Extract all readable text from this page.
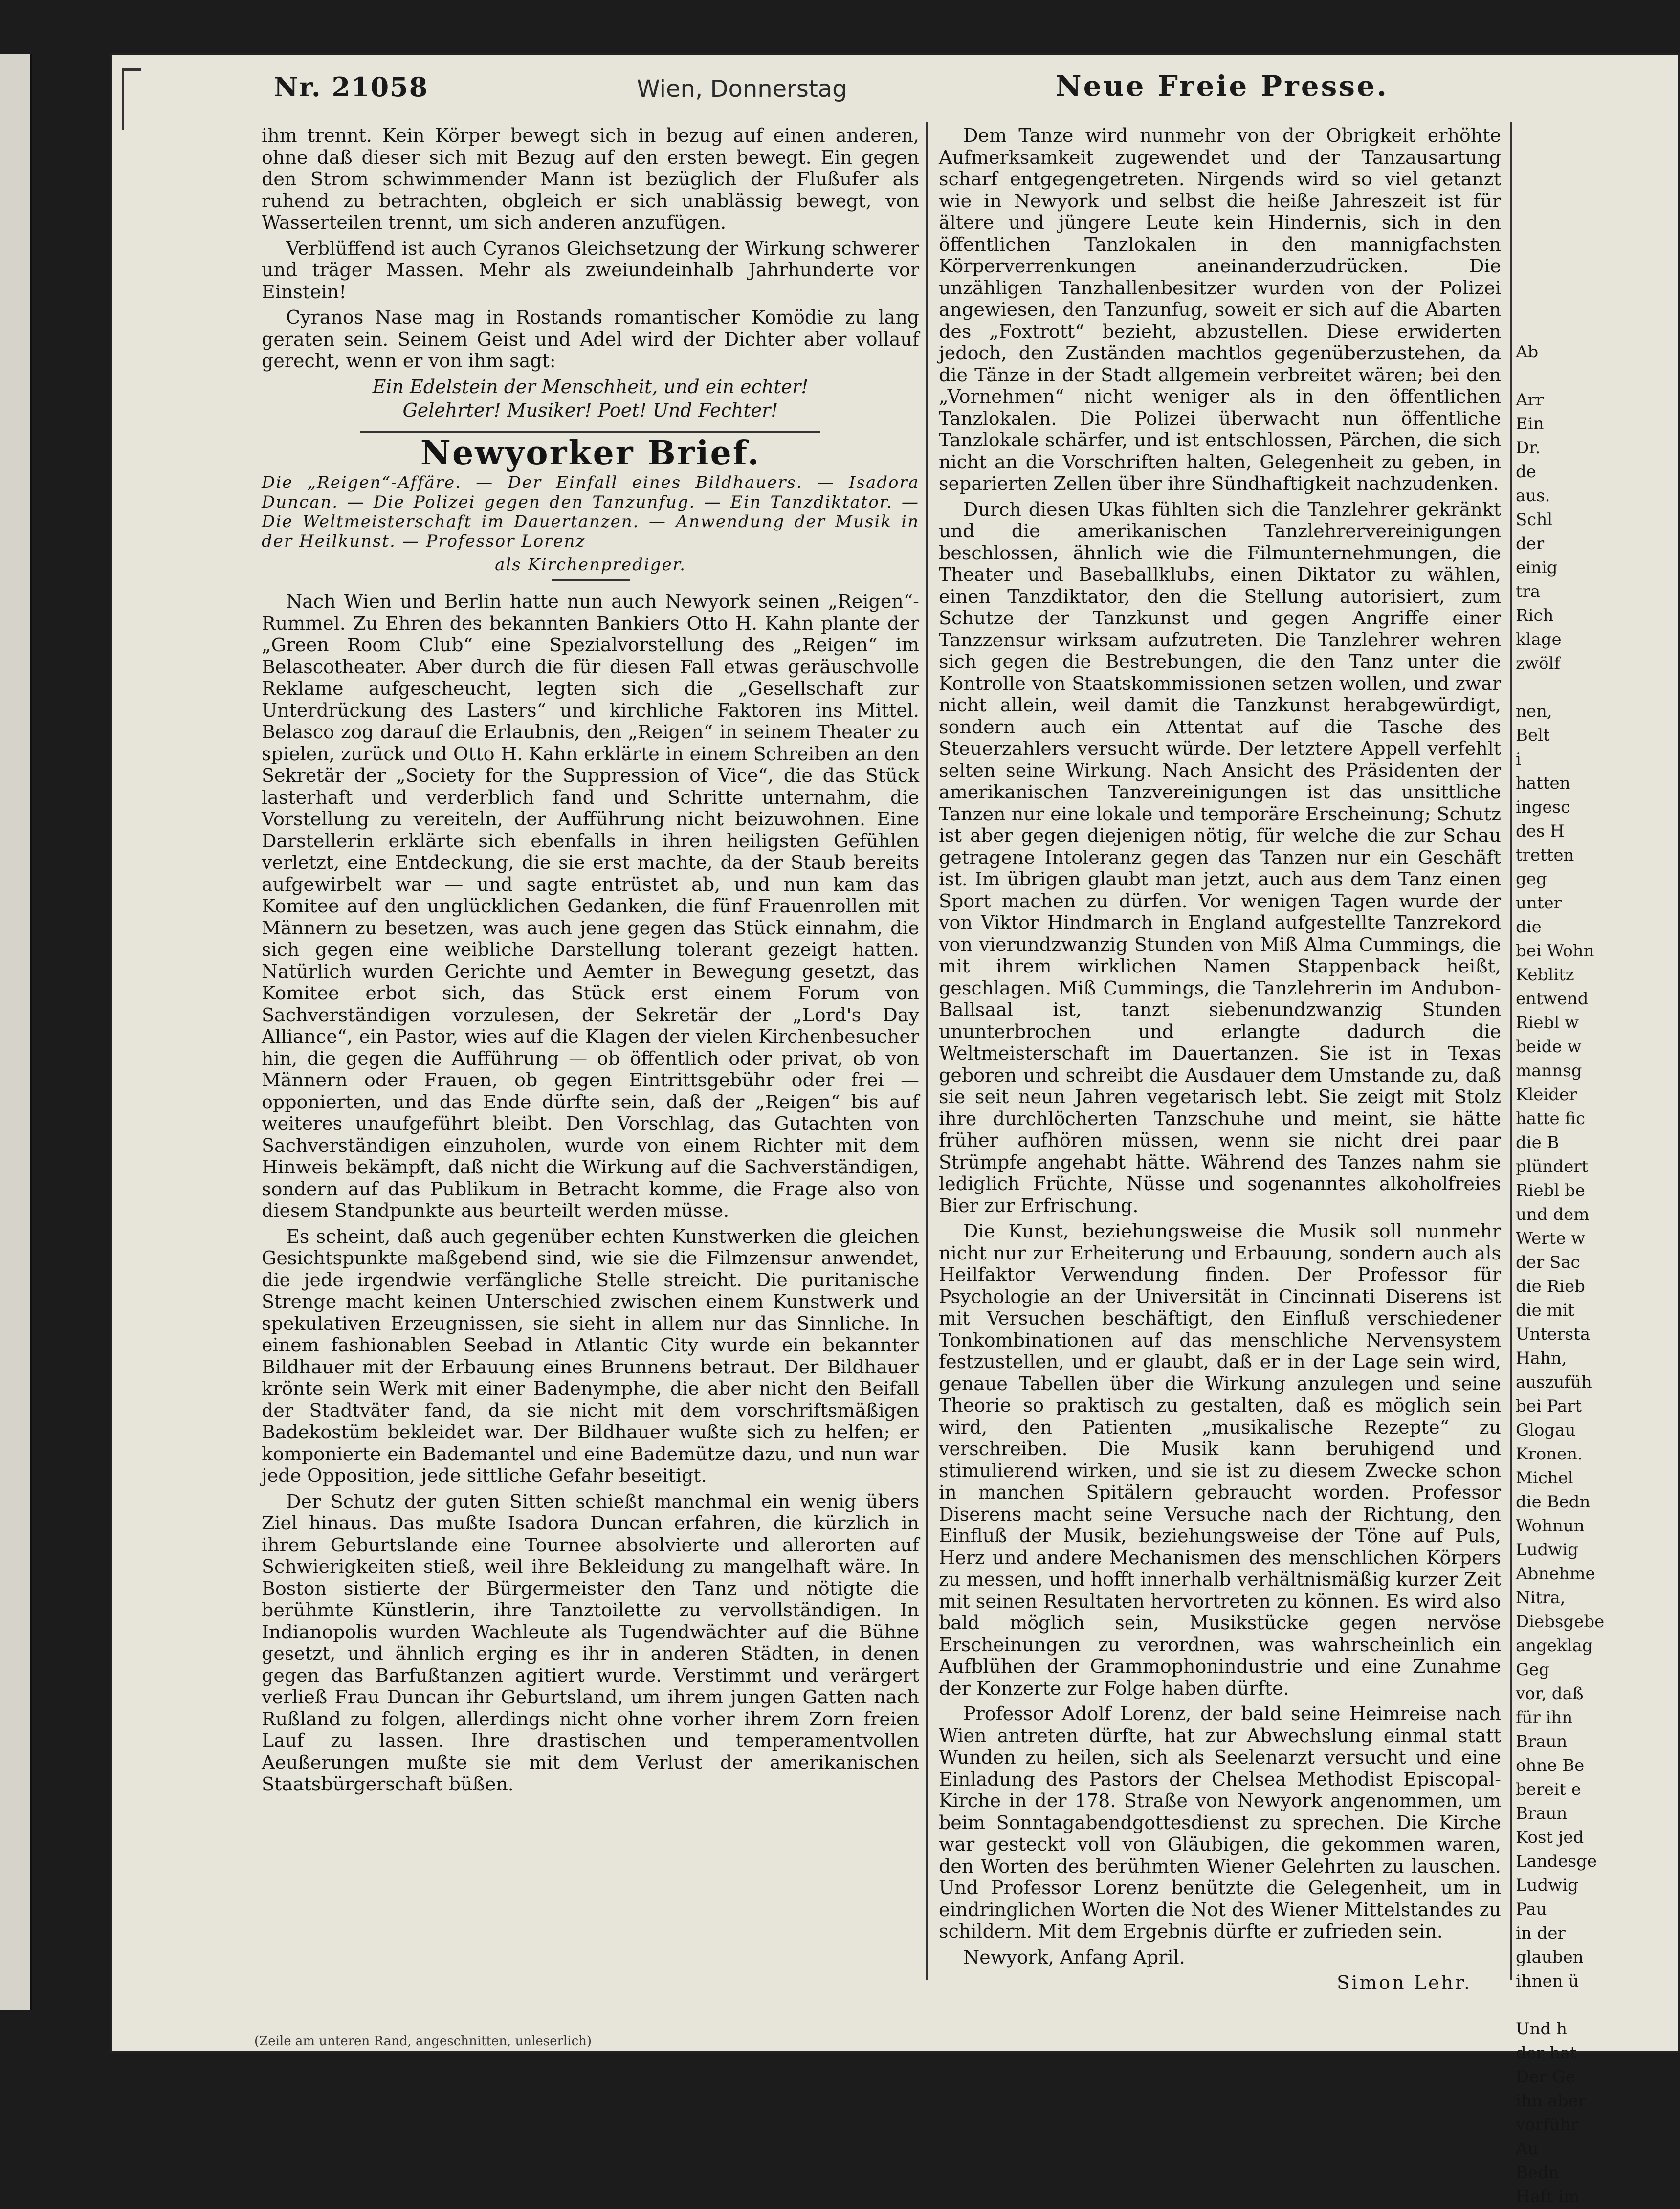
Nr. 21058	Wien, Donnerstag	Neue Freie Presse.

ihm trennt. Kein Körper bewegt sich in bezug auf einen anderen, ohne daß dieser sich mit Bezug auf den ersten bewegt. Ein gegen den Strom schwimmender Mann ist bezüglich der Flußufer als ruhend zu betrachten, obgleich er sich unablässig bewegt, von Wasserteilen trennt, um sich anderen anzufügen.

Verblüffend ist auch Cyranos Gleichsetzung der Wirkung schwerer und träger Massen. Mehr als zweiundeinhalb Jahrhunderte vor Einstein!

Cyranos Nase mag in Rostands romantischer Komödie zu lang geraten sein. Seinem Geist und Adel wird der Dichter aber vollauf gerecht, wenn er von ihm sagt:

Ein Edelstein der Menschheit, und ein echter!
Gelehrter! Musiker! Poet! Und Fechter!
Newyorker Brief.
Die „Reigen“-Affäre. — Der Einfall eines Bildhauers. — Isadora Duncan. — Die Polizei gegen den Tanzunfug. — Ein Tanzdiktator. — Die Weltmeisterschaft im Dauertanzen. — Anwendung der Musik in der Heilkunst. — Professor Lorenz
als Kirchenprediger.

Nach Wien und Berlin hatte nun auch Newyork seinen „Reigen“-Rummel. Zu Ehren des bekannten Bankiers Otto H. Kahn plante der „Green Room Club“ eine Spezialvorstellung des „Reigen“ im Belascotheater. Aber durch die für diesen Fall etwas geräuschvolle Reklame aufgescheucht, legten sich die „Gesellschaft zur Unterdrückung des Lasters“ und kirchliche Faktoren ins Mittel. Belasco zog darauf die Erlaubnis, den „Reigen“ in seinem Theater zu spielen, zurück und Otto H. Kahn erklärte in einem Schreiben an den Sekretär der „Society for the Suppression of Vice“, die das Stück lasterhaft und verderblich fand und Schritte unternahm, die Vorstellung zu vereiteln, der Aufführung nicht beizuwohnen. Eine Darstellerin erklärte sich ebenfalls in ihren heiligsten Gefühlen verletzt, eine Entdeckung, die sie erst machte, da der Staub bereits aufgewirbelt war — und sagte entrüstet ab, und nun kam das Komitee auf den unglücklichen Gedanken, die fünf Frauenrollen mit Männern zu besetzen, was auch jene gegen das Stück einnahm, die sich gegen eine weibliche Darstellung tolerant gezeigt hatten. Natürlich wurden Gerichte und Aemter in Bewegung gesetzt, das Komitee erbot sich, das Stück erst einem Forum von Sachverständigen vorzulesen, der Sekretär der „Lord's Day Alliance“, ein Pastor, wies auf die Klagen der vielen Kirchenbesucher hin, die gegen die Aufführung — ob öffentlich oder privat, ob von Männern oder Frauen, ob gegen Eintrittsgebühr oder frei — opponierten, und das Ende dürfte sein, daß der „Reigen“ bis auf weiteres unaufgeführt bleibt. Den Vorschlag, das Gutachten von Sachverständigen einzuholen, wurde von einem Richter mit dem Hinweis bekämpft, daß nicht die Wirkung auf die Sachverständigen, sondern auf das Publikum in Betracht komme, die Frage also von diesem Standpunkte aus beurteilt werden müsse.

Es scheint, daß auch gegenüber echten Kunstwerken die gleichen Gesichtspunkte maßgebend sind, wie sie die Filmzensur anwendet, die jede irgendwie verfängliche Stelle streicht. Die puritanische Strenge macht keinen Unterschied zwischen einem Kunstwerk und spekulativen Erzeugnissen, sie sieht in allem nur das Sinnliche. In einem fashionablen Seebad in Atlantic City wurde ein bekannter Bildhauer mit der Erbauung eines Brunnens betraut. Der Bildhauer krönte sein Werk mit einer Badenymphe, die aber nicht den Beifall der Stadtväter fand, da sie nicht mit dem vorschriftsmäßigen Badekostüm bekleidet war. Der Bildhauer wußte sich zu helfen; er komponierte ein Bademantel und eine Bademütze dazu, und nun war jede Opposition, jede sittliche Gefahr beseitigt.

Der Schutz der guten Sitten schießt manchmal ein wenig übers Ziel hinaus. Das mußte Isadora Duncan erfahren, die kürzlich in ihrem Geburtslande eine Tournee absolvierte und allerorten auf Schwierigkeiten stieß, weil ihre Bekleidung zu mangelhaft wäre. In Boston sistierte der Bürgermeister den Tanz und nötigte die berühmte Künstlerin, ihre Tanztoilette zu vervollständigen. In Indianopolis wurden Wachleute als Tugendwächter auf die Bühne gesetzt, und ähnlich erging es ihr in anderen Städten, in denen gegen das Barfußtanzen agitiert wurde. Verstimmt und verärgert verließ Frau Duncan ihr Geburtsland, um ihrem jungen Gatten nach Rußland zu folgen, allerdings nicht ohne vorher ihrem Zorn freien Lauf zu lassen. Ihre drastischen und temperamentvollen Aeußerungen mußte sie mit dem Verlust der amerikanischen Staatsbürgerschaft büßen.

Dem Tanze wird nunmehr von der Obrigkeit erhöhte Aufmerksamkeit zugewendet und der Tanzausartung scharf entgegengetreten. Nirgends wird so viel getanzt wie in Newyork und selbst die heiße Jahreszeit ist für ältere und jüngere Leute kein Hindernis, sich in den öffentlichen Tanzlokalen in den mannigfachsten Körperverrenkungen aneinanderzudrücken. Die unzähligen Tanzhallenbesitzer wurden von der Polizei angewiesen, den Tanzunfug, soweit er sich auf die Abarten des „Foxtrott“ bezieht, abzustellen. Diese erwiderten jedoch, den Zuständen machtlos gegenüberzustehen, da die Tänze in der Stadt allgemein verbreitet wären; bei den „Vornehmen“ nicht weniger als in den öffentlichen Tanzlokalen. Die Polizei überwacht nun öffentliche Tanzlokale schärfer, und ist entschlossen, Pärchen, die sich nicht an die Vorschriften halten, Gelegenheit zu geben, in separierten Zellen über ihre Sündhaftigkeit nachzudenken.

Durch diesen Ukas fühlten sich die Tanzlehrer gekränkt und die amerikanischen Tanzlehrervereinigungen beschlossen, ähnlich wie die Filmunternehmungen, die Theater und Baseballklubs, einen Diktator zu wählen, einen Tanzdiktator, den die Stellung autorisiert, zum Schutze der Tanzkunst und gegen Angriffe einer Tanzzensur wirksam aufzutreten. Die Tanzlehrer wehren sich gegen die Bestrebungen, die den Tanz unter die Kontrolle von Staatskommissionen setzen wollen, und zwar nicht allein, weil damit die Tanzkunst herabgewürdigt, sondern auch ein Attentat auf die Tasche des Steuerzahlers versucht würde. Der letztere Appell verfehlt selten seine Wirkung. Nach Ansicht des Präsidenten der amerikanischen Tanzvereinigungen ist das unsittliche Tanzen nur eine lokale und temporäre Erscheinung; Schutz ist aber gegen diejenigen nötig, für welche die zur Schau getragene Intoleranz gegen das Tanzen nur ein Geschäft ist. Im übrigen glaubt man jetzt, auch aus dem Tanz einen Sport machen zu dürfen. Vor wenigen Tagen wurde der von Viktor Hindmarch in England aufgestellte Tanzrekord von vierundzwanzig Stunden von Miß Alma Cummings, die mit ihrem wirklichen Namen Stappenback heißt, geschlagen. Miß Cummings, die Tanzlehrerin im Andubon-Ballsaal ist, tanzt siebenundzwanzig Stunden ununterbrochen und erlangte dadurch die Weltmeisterschaft im Dauertanzen. Sie ist in Texas geboren und schreibt die Ausdauer dem Umstande zu, daß sie seit neun Jahren vegetarisch lebt. Sie zeigt mit Stolz ihre durchlöcherten Tanzschuhe und meint, sie hätte früher aufhören müssen, wenn sie nicht drei paar Strümpfe angehabt hätte. Während des Tanzes nahm sie lediglich Früchte, Nüsse und sogenanntes alkoholfreies Bier zur Erfrischung.

Die Kunst, beziehungsweise die Musik soll nunmehr nicht nur zur Erheiterung und Erbauung, sondern auch als Heilfaktor Verwendung finden. Der Professor für Psychologie an der Universität in Cincinnati Diserens ist mit Versuchen beschäftigt, den Einfluß verschiedener Tonkombinationen auf das menschliche Nervensystem festzustellen, und er glaubt, daß er in der Lage sein wird, genaue Tabellen über die Wirkung anzulegen und seine Theorie so praktisch zu gestalten, daß es möglich sein wird, den Patienten „musikalische Rezepte“ zu verschreiben. Die Musik kann beruhigend und stimulierend wirken, und sie ist zu diesem Zwecke schon in manchen Spitälern gebraucht worden. Professor Diserens macht seine Versuche nach der Richtung, den Einfluß der Musik, beziehungsweise der Töne auf Puls, Herz und andere Mechanismen des menschlichen Körpers zu messen, und hofft innerhalb verhältnismäßig kurzer Zeit mit seinen Resultaten hervortreten zu können. Es wird also bald möglich sein, Musikstücke gegen nervöse Erscheinungen zu verordnen, was wahrscheinlich ein Aufblühen der Grammophonindustrie und eine Zunahme der Konzerte zur Folge haben dürfte.

Professor Adolf Lorenz, der bald seine Heimreise nach Wien antreten dürfte, hat zur Abwechslung einmal statt Wunden zu heilen, sich als Seelenarzt versucht und eine Einladung des Pastors der Chelsea Methodist Episcopal-Kirche in der 178. Straße von Newyork angenommen, um beim Sonntagabendgottesdienst zu sprechen. Die Kirche war gesteckt voll von Gläubigen, die gekommen waren, den Worten des berühmten Wiener Gelehrten zu lauschen. Und Professor Lorenz benützte die Gelegenheit, um in eindringlichen Worten die Not des Wiener Mittelstandes zu schildern. Mit dem Ergebnis dürfte er zufrieden sein.

Newyork, Anfang April.

Simon Lehr.

Ab
Arr
Ein
Dr.
de
aus.
Schl
der
einig
tra
Rich
klage
zwölf
nen,
Belt
i
hatten
ingesc
des H
tretten
geg
unter
die
bei Wohn
Keblitz
entwend
Riebl w
beide w
mannsg
Kleider
hatte fic
die B
plündert
Riebl be
und dem
Werte w
der Sac
die Rieb
die mit
Untersta
Hahn,
auszufüh
bei Part
Glogau
Kronen.
Michel
die Bedn
Wohnun
Ludwig
Abnehme
Nitra,
Diebsgebe
angeklag
Geg
vor, daß
für ihn
Braun
ohne Be
bereit e
Braun
Kost jed
Landesge
Ludwig
Pau
in der
glauben
ihnen ü
Und h
der hat
Der Ge
ihn aber
vorführ
Au
Bedn
Haft im
(Zeile am unteren Rand, angeschnitten, unleserlich)
